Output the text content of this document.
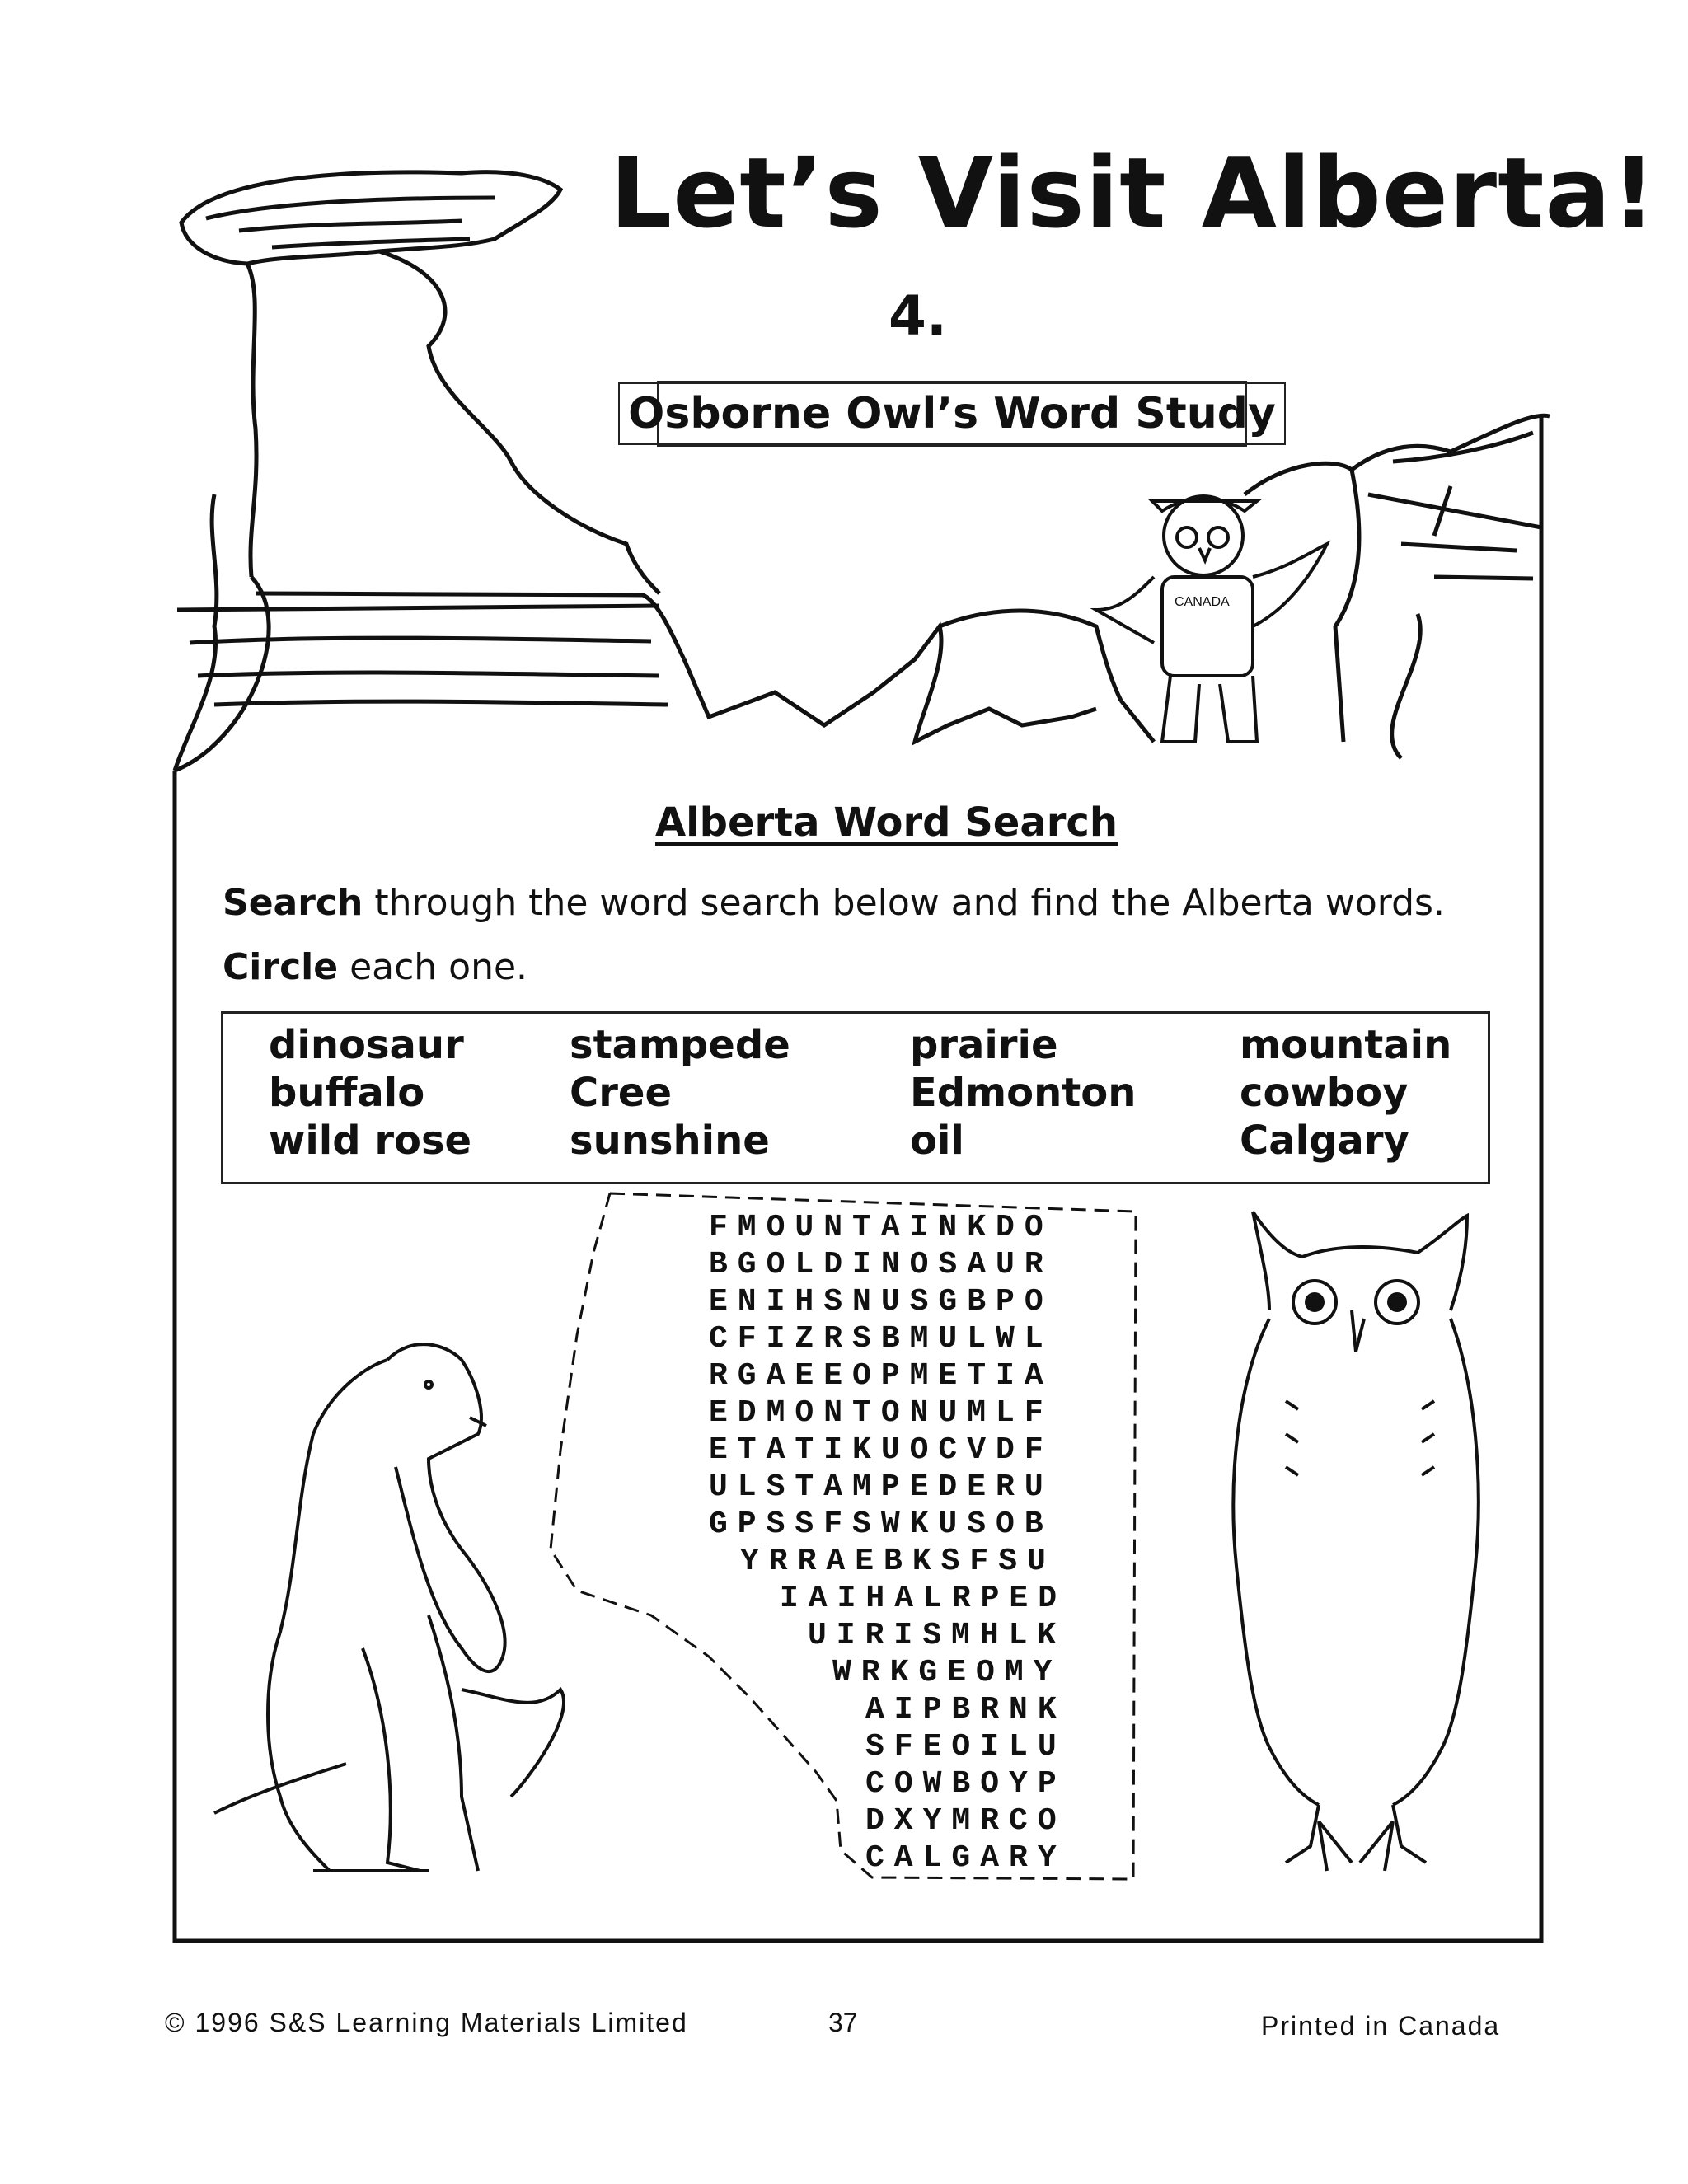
CANADA
Let’s Visit Alberta!
4.
Osborne Owl’s Word Study
Alberta Word Search
Search through the word search below and find the Alberta words.
Circle each one.
dinosaur
buffalo
wild rose
stampede
Cree
sunshine
prairie
Edmonton
oil
mountain
cowboy
Calgary
FMOUNTAINKDO
BGOLDINOSAUR
ENIHSNUSGBPO
CFIZRSBMULWL
RGAEEOPMETIA
EDMONTONUMLF
ETATIKUOCVDF
ULSTAMPEDERU
GPSSFSWKUSOB
YRRAEBKSFSU
IAIHALRPED
UIRISMHLK
WRKGEOMY
AIPBRNK
SFEOILU
COWBOYP
DXYMRCO
CALGARY
© 1996 S&S Learning Materials Limited	37	Printed in Canada
